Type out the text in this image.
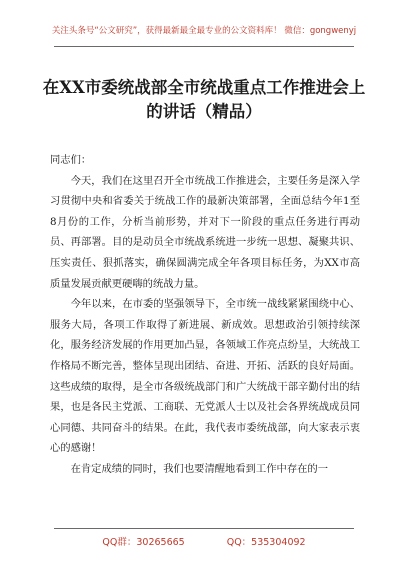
关注头条号“公文研究”，获得最新最全最专业的公文资料库！ 微信：gongwenyj
在XX市委统战部全市统战重点工作推进会上的讲话（精品）

同志们：

今天，我们在这里召开全市统战工作推进会，主要任务是深入学习贯彻中央和省委关于统战工作的最新决策部署，全面总结今年1至8月份的工作，分析当前形势，并对下一阶段的重点任务进行再动员、再部署。目的是动员全市统战系统进一步统一思想、凝聚共识、压实责任、狠抓落实，确保圆满完成全年各项目标任务，为XX市高质量发展贡献更硬嗨的统战力量。

今年以来，在市委的坚强领导下，全市统一战线紧紧围绕中心、服务大局，各项工作取得了新进展、新成效。思想政治引领持续深化，服务经济发展的作用更加凸显，各领域工作亮点纷呈，大统战工作格局不断完善，整体呈现出团结、奋进、开拓、活跃的良好局面。这些成绩的取得，是全市各级统战部门和广大统战干部辛勤付出的结果，也是各民主党派、工商联、无党派人士以及社会各界统战成员同心同德、共同奋斗的结果。在此，我代表市委统战部，向大家表示衷心的感谢！

在肯定成绩的同时，我们也要清醒地看到工作中存在的一

QQ群：30265665	QQ：535304092
